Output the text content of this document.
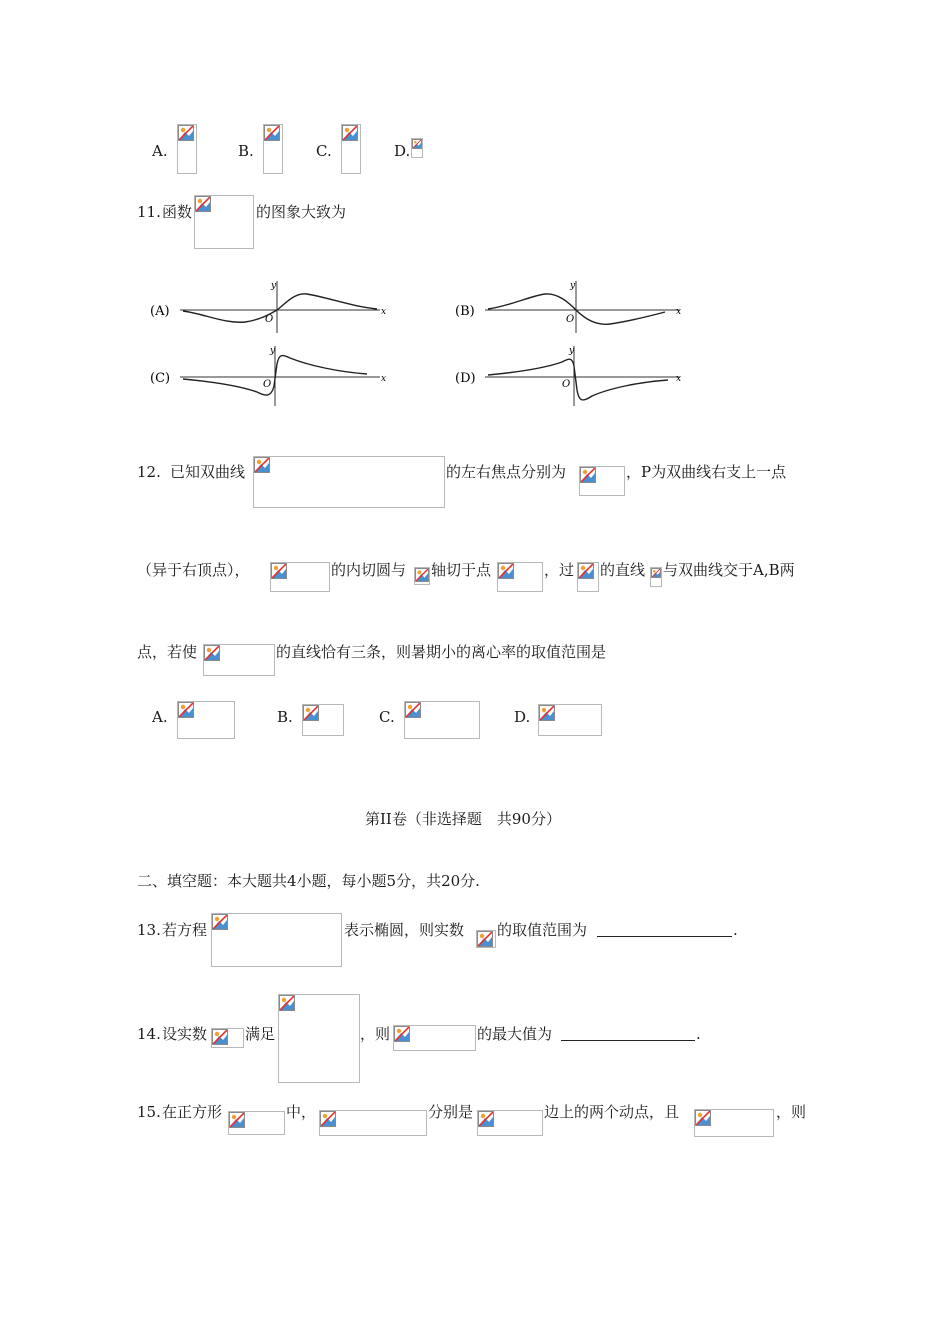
A.	B.	C.	D.
11. 函数	的图象大致为
(A)
y
x
O
(B)
y
x
O
(C)
y
x
O	(D)
y
x
O
12. 已知双曲线	的左右焦点分别为	，P为双曲线右支上一点
（异于右顶点），	的内切圆与 轴切于点	，过 的直线 与双曲线交于A,B两
点，若使	的直线恰有三条，则暑期小的离心率的取值范围是
A.	B.	C.	D.
第II卷（非选择题　共90分）
二、填空题：本大题共4小题，每小题5分，共20分.
13. 若方程	表示椭圆，则实数 的取值范围为	.
14. 设实数	满足	，则	的最大值为	.
15. 在正方形	中，	分别是	边上的两个动点，且	，则
